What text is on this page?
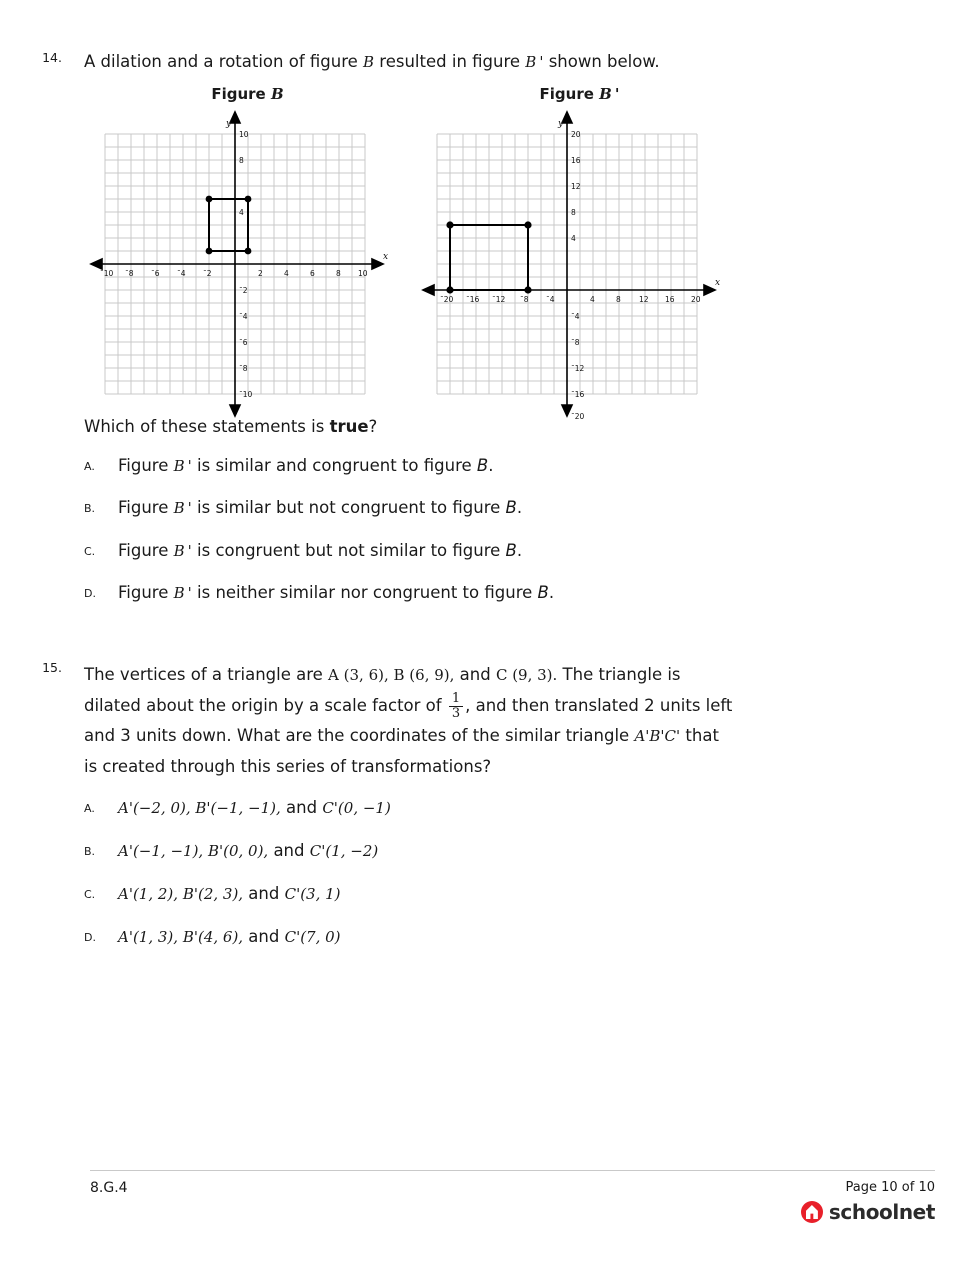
14. A dilation and a rotation of figure B resulted in figure B ' shown below.
Figure B
¯10 ¯8 ¯6 ¯4 ¯2	2	4	6	8 10
10
8
4
¯2
¯4
¯6
¯8
¯10
x
y
Figure B '
¯20 ¯16 ¯12 ¯8 ¯4	4	8 12 16 20
20
16
12
8
4
¯4
¯8
¯12
¯16
¯20
x
y
Which of these statements is true?
A. Figure B ' is similar and congruent to figure B.
B. Figure B ' is similar but not congruent to figure B.
C. Figure B ' is congruent but not similar to figure B.
D. Figure B ' is neither similar nor congruent to figure B.
15. The vertices of a triangle are A (3, 6), B (6, 9), and C (9, 3). The triangle is dilated about the origin by a scale factor of $\frac{1}{3}$ , and then translated 2 units left and 3 units down. What are the coordinates of the similar triangle A'B'C' that is created through this series of transformations?
A. A'(−2, 0), B'(−1, −1), and C'(0, −1)
B. A'(−1, −1), B'(0, 0), and C'(1, −2)
C. A'(1, 2), B'(2, 3), and C'(3, 1)
D. A'(1, 3), B'(4, 6), and C'(7, 0)
8.G.4	Page 10 of 10
schoolnet
